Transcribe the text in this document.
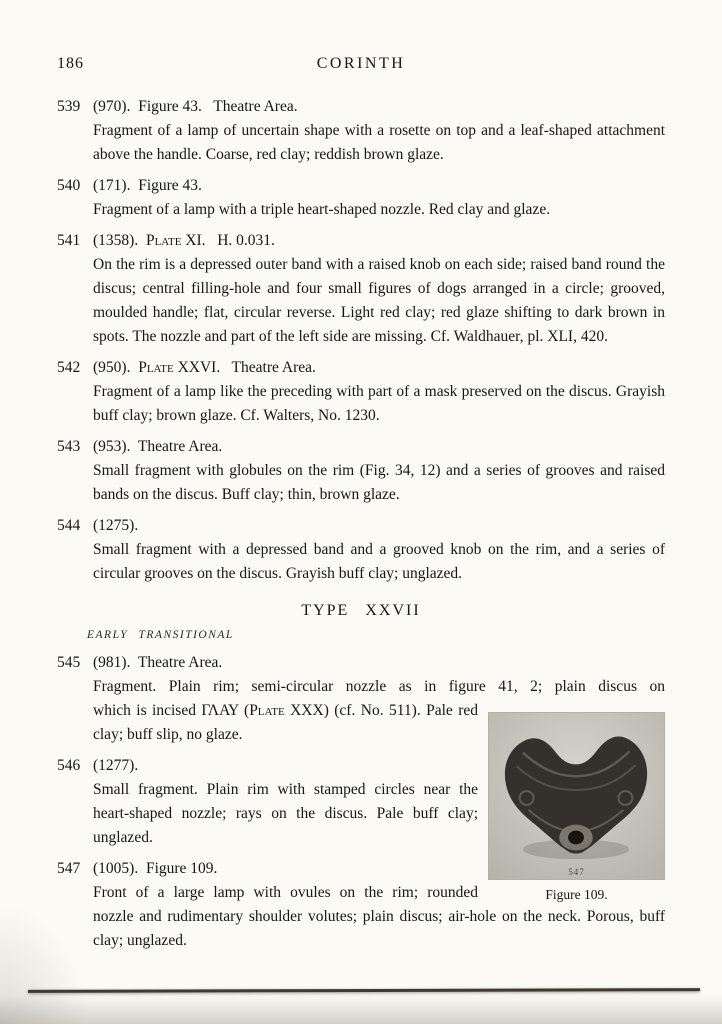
186	CORINTH
539 (970).  Figure 43.   Theatre Area.
Fragment of a lamp of uncertain shape with a rosette on top and a leaf-shaped attachment above the handle. Coarse, red clay; reddish brown glaze.
540 (171).  Figure 43.
Fragment of a lamp with a triple heart-shaped nozzle. Red clay and glaze.
541 (1358).  Plate XI.   H. 0.031.
On the rim is a depressed outer band with a raised knob on each side; raised band round the discus; central filling-hole and four small figures of dogs arranged in a circle; grooved, moulded handle; flat, circular reverse. Light red clay; red glaze shifting to dark brown in spots. The nozzle and part of the left side are missing. Cf. Waldhauer, pl. XLI, 420.
542 (950).  Plate XXVI.   Theatre Area.
Fragment of a lamp like the preceding with part of a mask preserved on the discus. Grayish buff clay; brown glaze. Cf. Walters, No. 1230.
543 (953).  Theatre Area.
Small fragment with globules on the rim (Fig. 34, 12) and a series of grooves and raised bands on the discus. Buff clay; thin, brown glaze.
544 (1275).
Small fragment with a depressed band and a grooved knob on the rim, and a series of circular grooves on the discus. Grayish buff clay; unglazed.
TYPE XXVII
EARLY TRANSITIONAL
545 (981).  Theatre Area.
Fragment. Plain rim; semi-circular nozzle as in figure 41, 2; plain discus on
which is incised ΓΛΑΥ (Plate XXX) (cf. No. 511). Pale red clay; buff slip, no glaze.
546 (1277).
Small fragment. Plain rim with stamped circles near the heart-shaped nozzle; rays on the discus. Pale buff clay; unglazed.
547 (1005).  Figure 109.
Front of a large lamp with ovules on the rim; rounded
nozzle and rudimentary shoulder volutes; plain discus; air-hole on the neck. Porous, buff clay; unglazed.
547
Figure 109.
